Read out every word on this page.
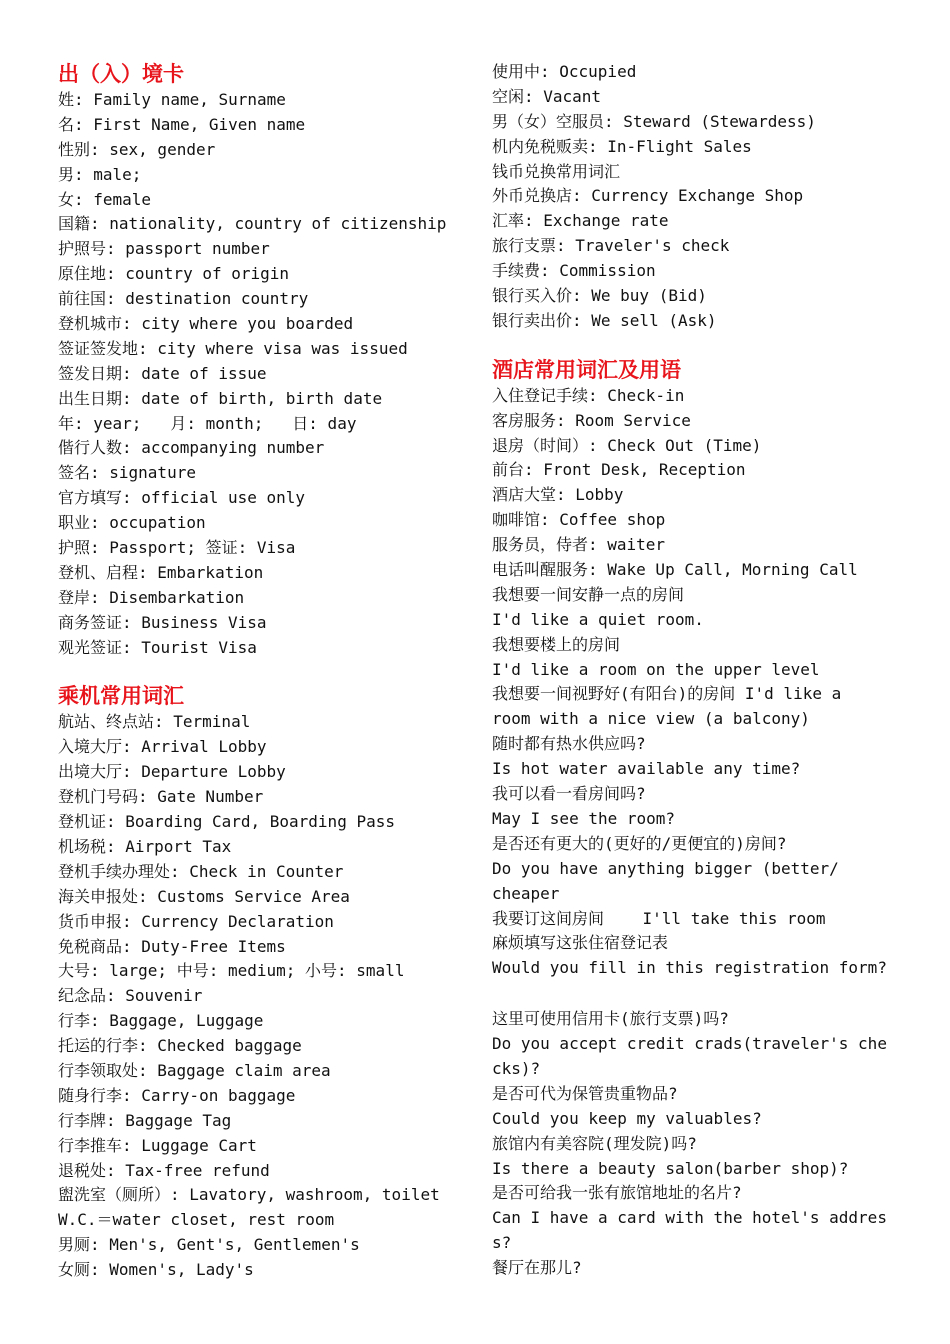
出（入）境卡
姓: Family name, Surname
名: First Name, Given name
性别: sex, gender
男: male;
女: female
国籍: nationality, country of citizenship
护照号: passport number
原住地: country of origin
前往国: destination country
登机城市: city where you boarded
签证签发地: city where visa was issued
签发日期: date of issue
出生日期: date of birth, birth date
年: year;   月: month;   日: day
偕行人数: accompanying number
签名: signature
官方填写: official use only
职业: occupation
护照: Passport; 签证: Visa
登机、启程: Embarkation
登岸: Disembarkation
商务签证: Business Visa
观光签证: Tourist Visa
乘机常用词汇
航站、终点站: Terminal
入境大厅: Arrival Lobby
出境大厅: Departure Lobby
登机门号码: Gate Number
登机证: Boarding Card, Boarding Pass
机场税: Airport Tax
登机手续办理处: Check in Counter
海关申报处: Customs Service Area
货币申报: Currency Declaration
免税商品: Duty-Free Items
大号: large; 中号: medium; 小号: small
纪念品: Souvenir
行李: Baggage, Luggage
托运的行李: Checked baggage
行李领取处: Baggage claim area
随身行李: Carry-on baggage
行李牌: Baggage Tag
行李推车: Luggage Cart
退税处: Tax-free refund
盥洗室（厕所）: Lavatory, washroom, toilet
W.C.＝water closet, rest room
男厕: Men's, Gent's, Gentlemen's
女厕: Women's, Lady's
使用中: Occupied
空闲: Vacant
男（女）空服员: Steward (Stewardess)
机内免税贩卖: In-Flight Sales
钱币兑换常用词汇
外币兑换店: Currency Exchange Shop
汇率: Exchange rate
旅行支票: Traveler's check
手续费: Commission
银行买入价: We buy (Bid)
银行卖出价: We sell (Ask)
酒店常用词汇及用语
入住登记手续: Check-in
客房服务: Room Service
退房（时间）: Check Out (Time)
前台: Front Desk, Reception
酒店大堂: Lobby
咖啡馆: Coffee shop
服务员，侍者: waiter
电话叫醒服务: Wake Up Call, Morning Call
我想要一间安静一点的房间
I'd like a quiet room.
我想要楼上的房间
I'd like a room on the upper level
我想要一间视野好(有阳台)的房间 I'd like a
room with a nice view (a balcony)
随时都有热水供应吗?
Is hot water available any time?
我可以看一看房间吗?
May I see the room?
是否还有更大的(更好的/更便宜的)房间?
Do you have anything bigger (better/
cheaper
我要订这间房间    I'll take this room
麻烦填写这张住宿登记表
Would you fill in this registration form?
这里可使用信用卡(旅行支票)吗?
Do you accept credit crads(traveler's che
cks)?
是否可代为保管贵重物品?
Could you keep my valuables?
旅馆内有美容院(理发院)吗?
Is there a beauty salon(barber shop)?
是否可给我一张有旅馆地址的名片?
Can I have a card with the hotel's addres
s?
餐厅在那儿?
